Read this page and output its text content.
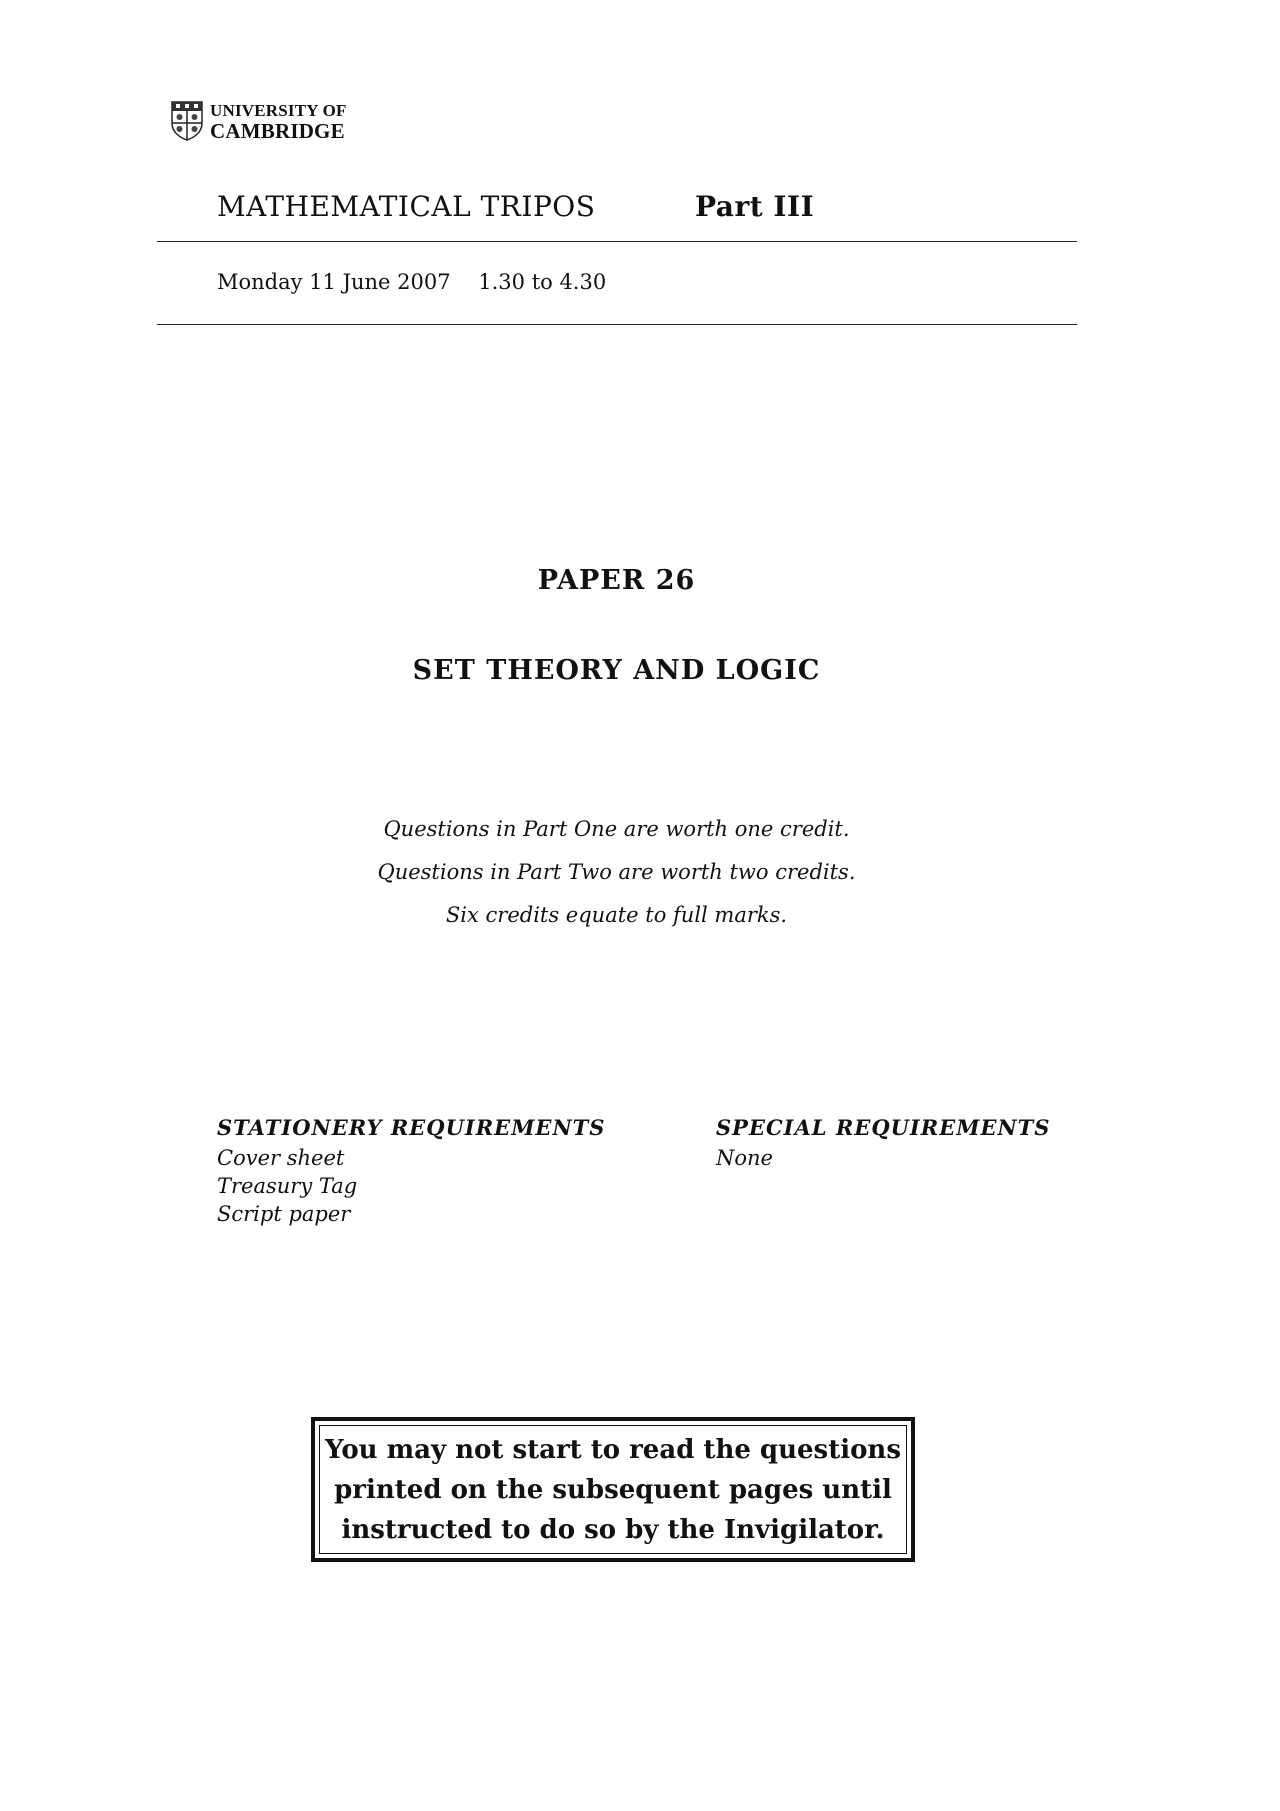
UNIVERSITY OF
CAMBRIDGE
MATHEMATICAL TRIPOS	Part III
Monday 11 June 2007  1.30 to 4.30
PAPER 26
SET THEORY AND LOGIC
Questions in Part One are worth one credit.
Questions in Part Two are worth two credits.
Six credits equate to full marks.
STATIONERY REQUIREMENTS
Cover sheet
Treasury Tag
Script paper
SPECIAL REQUIREMENTS
None

You may not start to read the questions
printed on the subsequent pages until
instructed to do so by the Invigilator.
